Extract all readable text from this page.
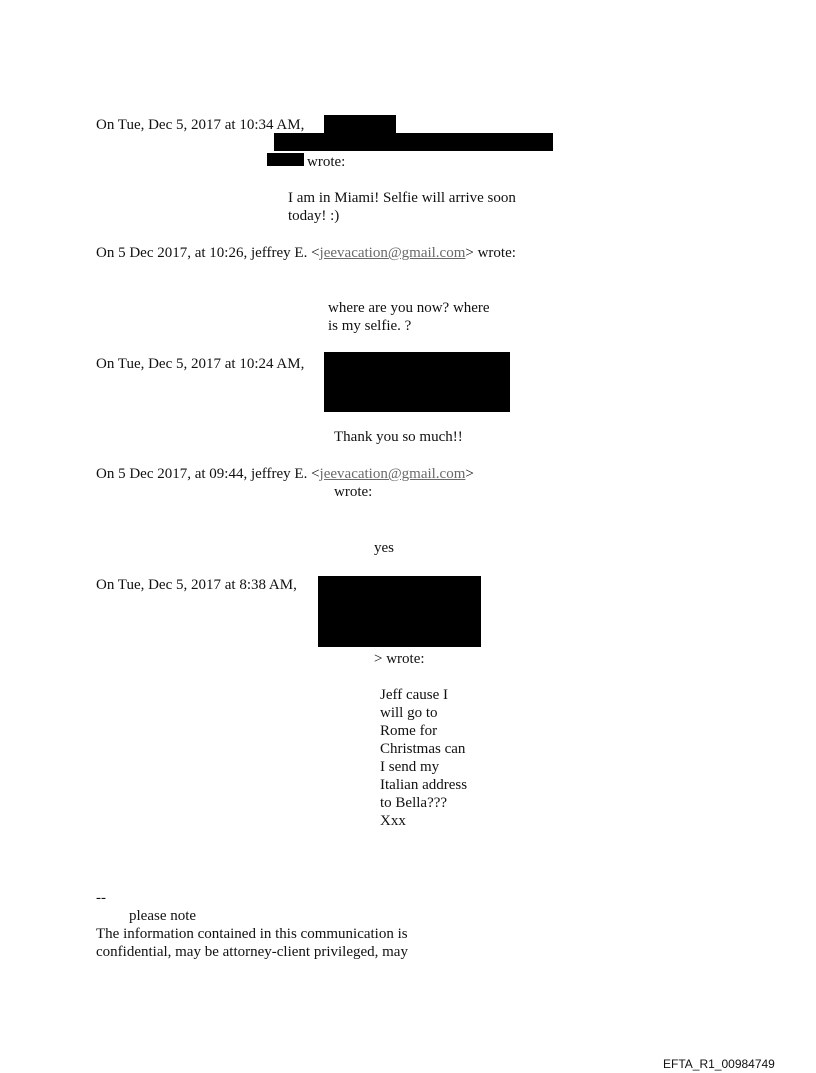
On Tue, Dec 5, 2017 at 10:34 AM,
wrote:
I am in Miami! Selfie will arrive soon
today! :)
On 5 Dec 2017, at 10:26, jeffrey E. <jeevacation@gmail.com> wrote:
where are you now? where
is my selfie. ?
On Tue, Dec 5, 2017 at 10:24 AM,
Thank you so much!!
On 5 Dec 2017, at 09:44, jeffrey E. <jeevacation@gmail.com>
wrote:
yes
On Tue, Dec 5, 2017 at 8:38 AM,
> wrote:
Jeff cause I
will go to
Rome for
Christmas can
I send my
Italian address
to Bella???
Xxx
--
please note
The information contained in this communication is
confidential, may be attorney-client privileged, may
EFTA_R1_00984749
